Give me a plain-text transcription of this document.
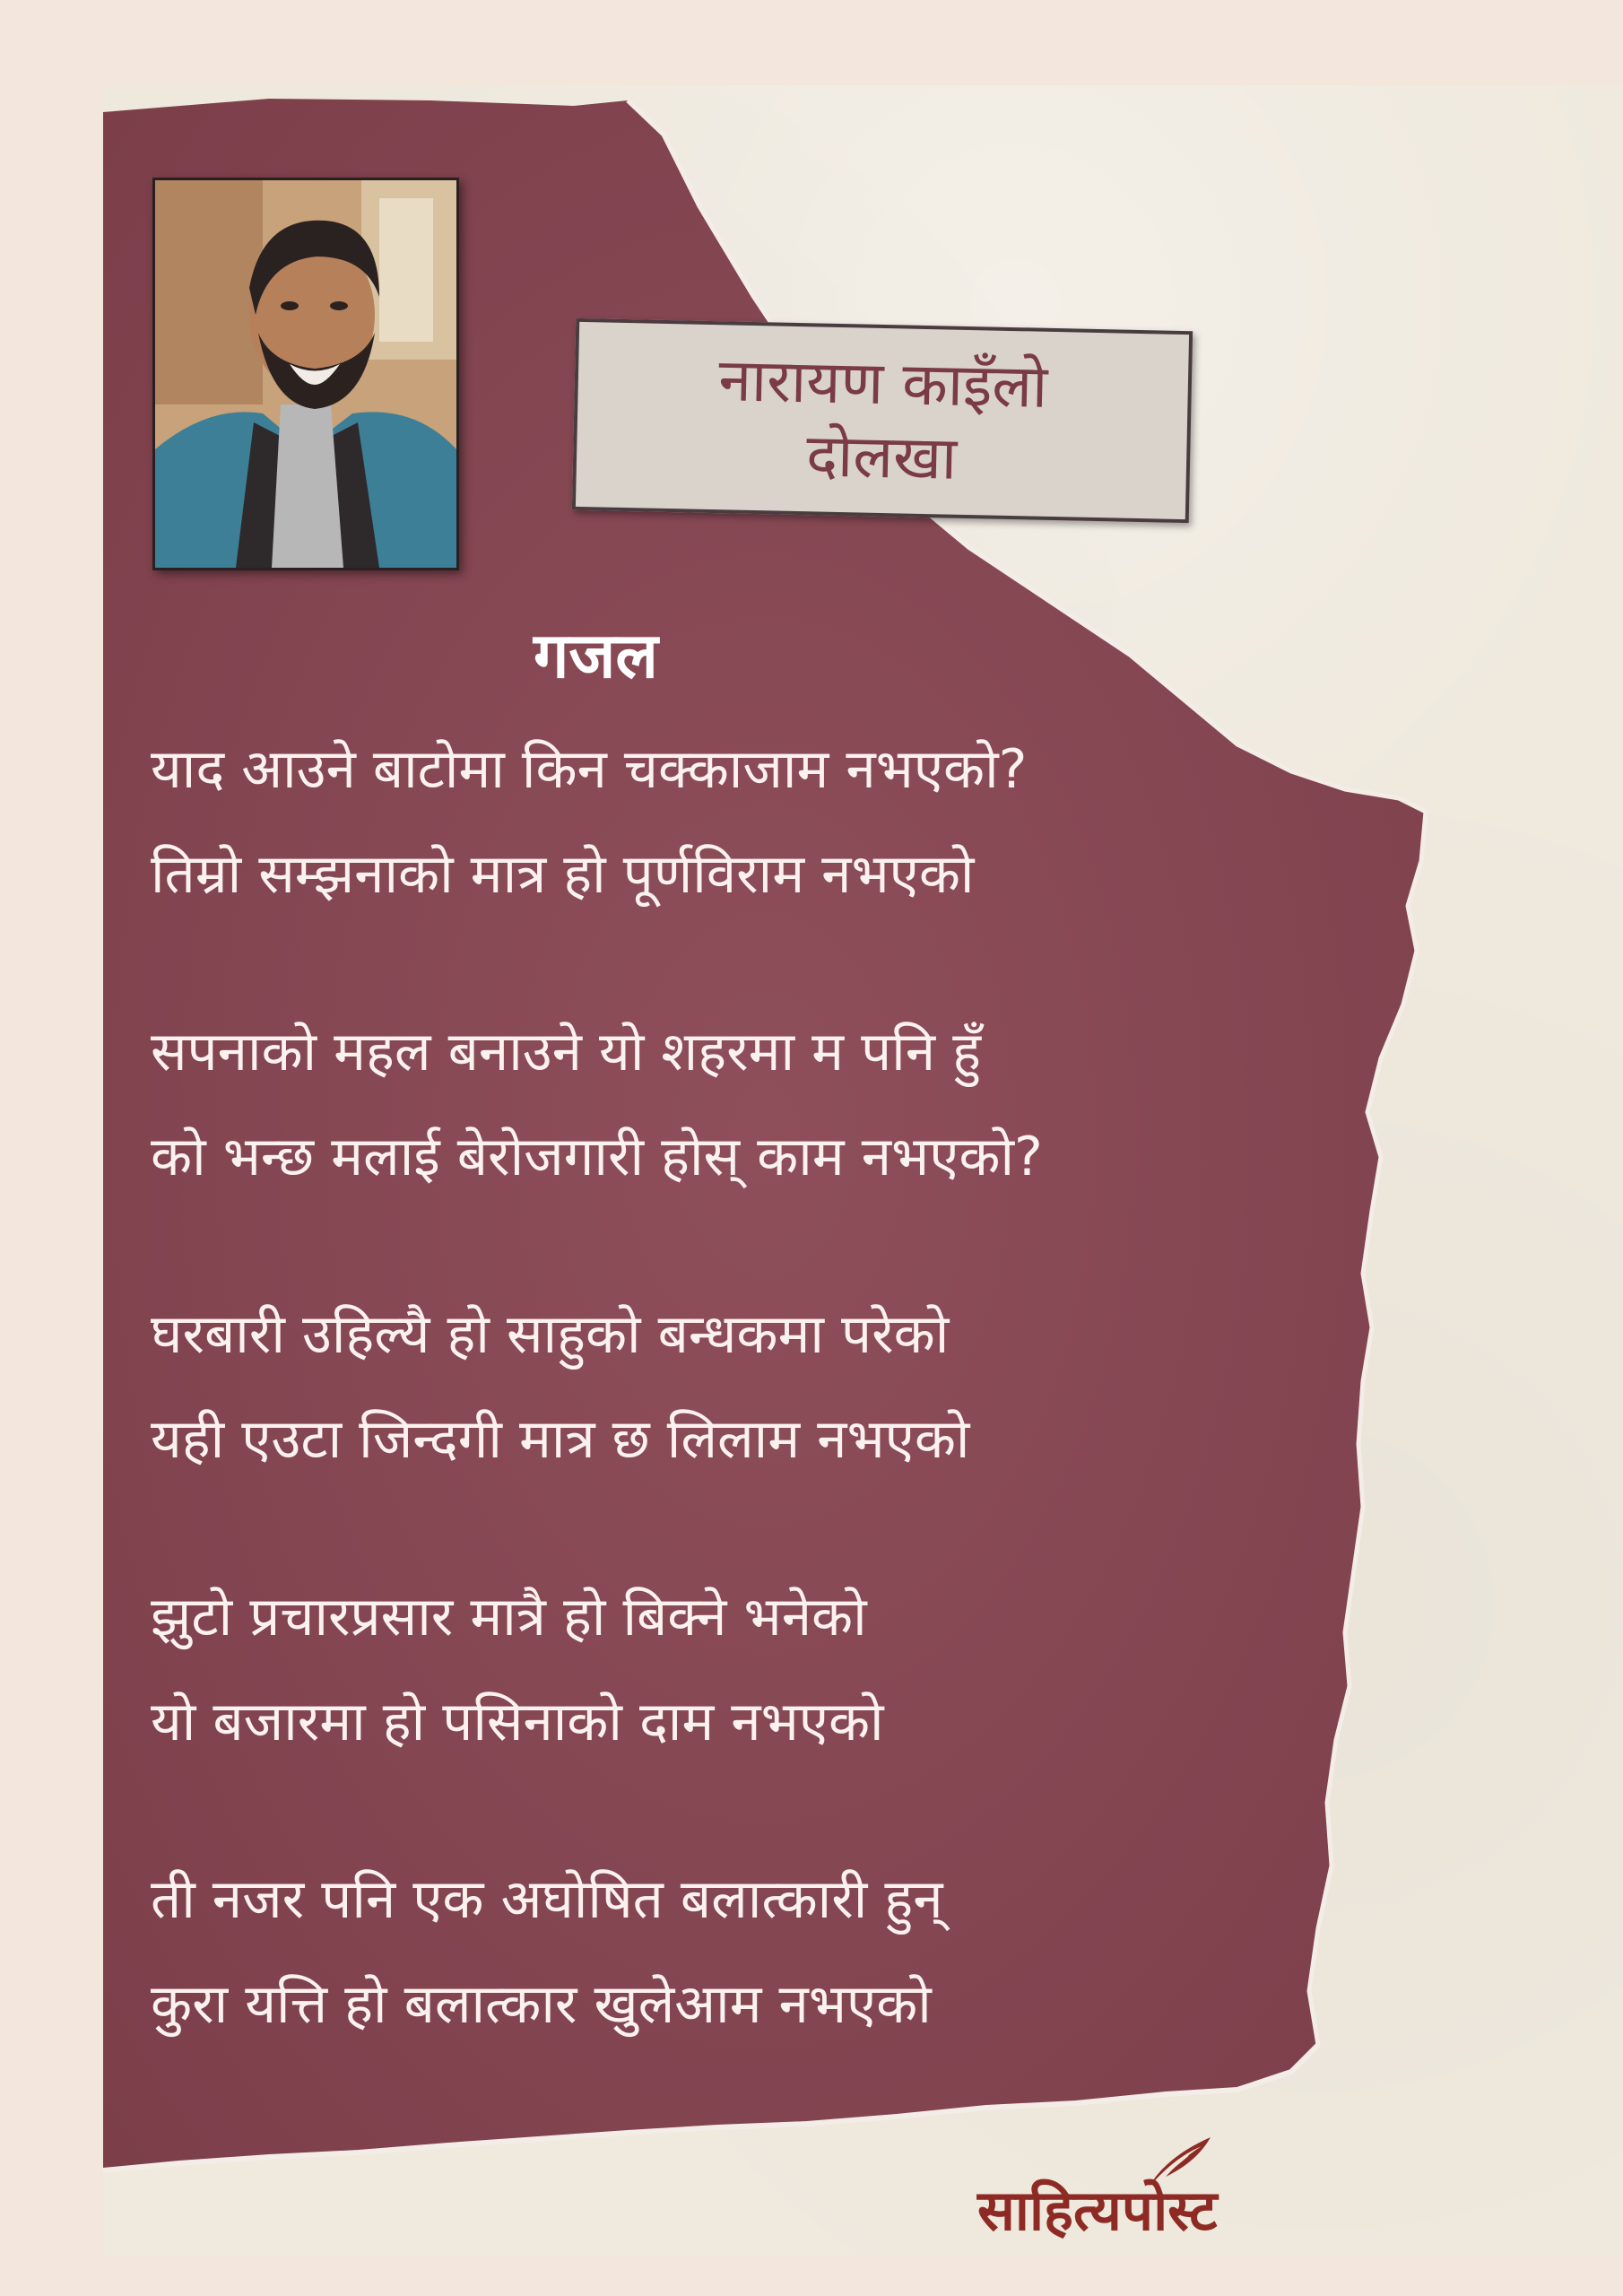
नारायण काइँलो
दोलखा
गजल

याद आउने बाटोमा किन चक्काजाम नभएको?
तिम्रो सम्झनाको मात्र हो पूर्णविराम नभएको

सपनाको महल बनाउने यो शहरमा म पनि हुँ
को भन्छ मलाई बेरोजगारी होस् काम नभएको?

घरबारी उहिल्यै हो साहुको बन्धकमा परेको
यही एउटा जिन्दगी मात्र छ लिलाम नभएको

झुटो प्रचारप्रसार मात्रै हो बिक्ने भनेको
यो बजारमा हो पसिनाको दाम नभएको

ती नजर पनि एक अघोषित बलात्कारी हुन्
कुरा यत्ति हो बलात्कार खुलेआम नभएको

साहित्यपोस्ट
